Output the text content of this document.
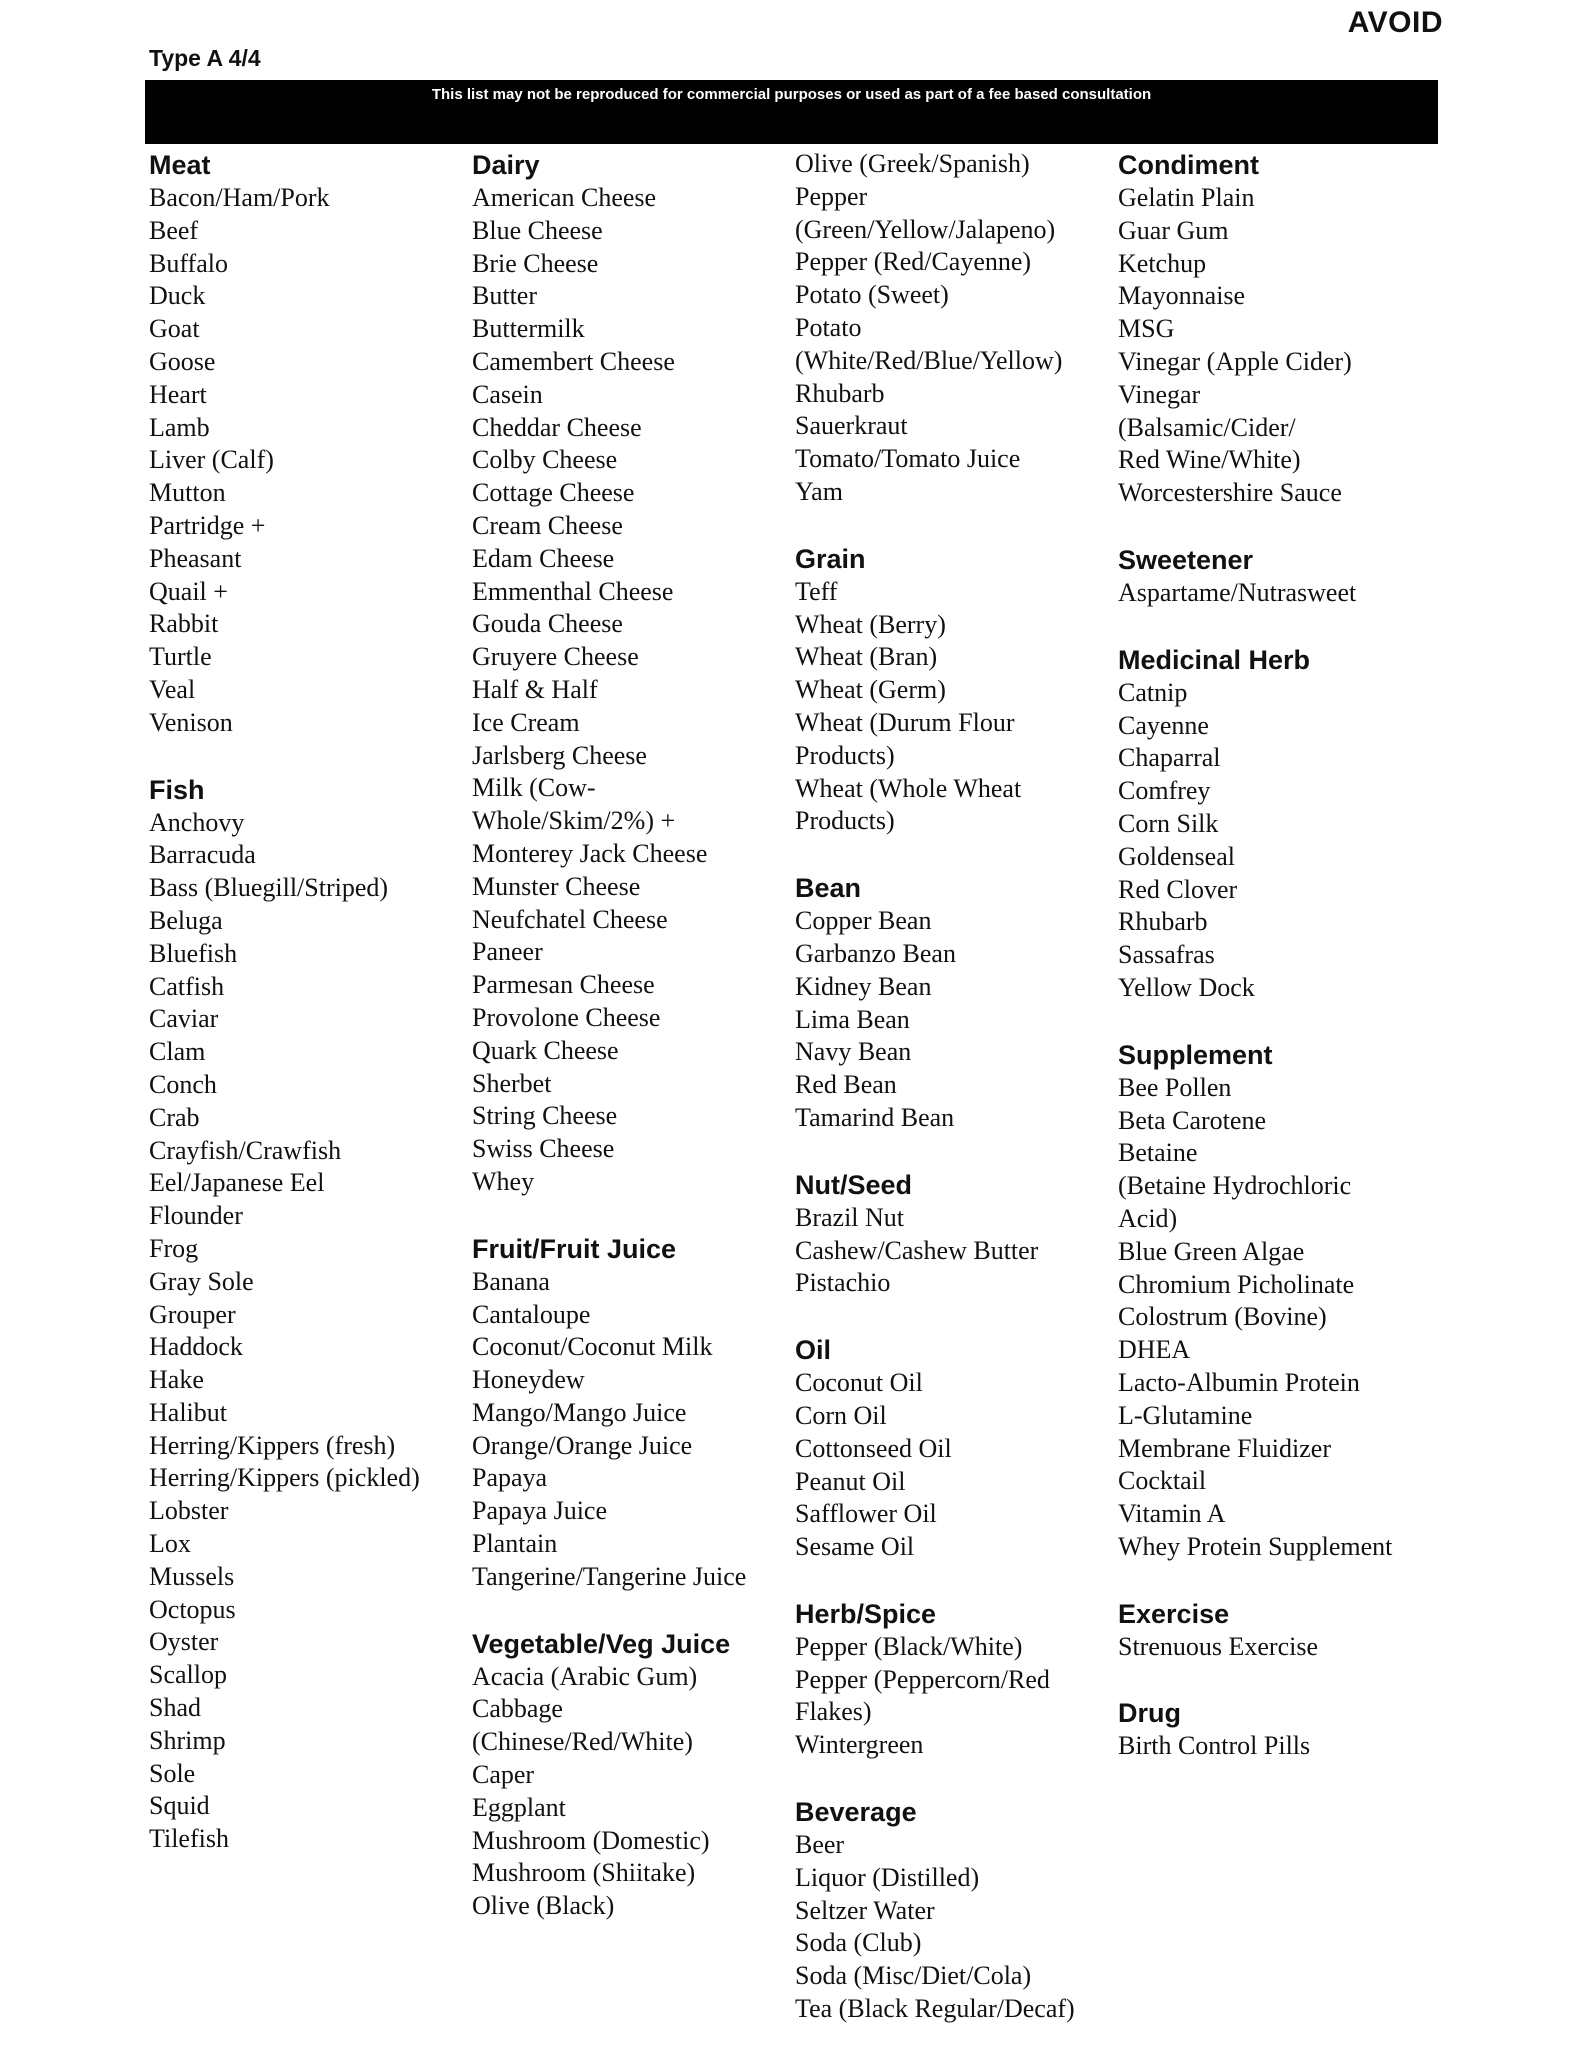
AVOID
Type A 4/4
This list may not be reproduced for commercial purposes or used as part of a fee based consultation
Meat
Bacon/Ham/Pork
Beef
Buffalo
Duck
Goat
Goose
Heart
Lamb
Liver (Calf)
Mutton
Partridge +
Pheasant
Quail +
Rabbit
Turtle
Veal
Venison
Fish
Anchovy
Barracuda
Bass (Bluegill/Striped)
Beluga
Bluefish
Catfish
Caviar
Clam
Conch
Crab
Crayfish/Crawfish
Eel/Japanese Eel
Flounder
Frog
Gray Sole
Grouper
Haddock
Hake
Halibut
Herring/Kippers (fresh)
Herring/Kippers (pickled)
Lobster
Lox
Mussels
Octopus
Oyster
Scallop
Shad
Shrimp
Sole
Squid
Tilefish
Dairy
American Cheese
Blue Cheese
Brie Cheese
Butter
Buttermilk
Camembert Cheese
Casein
Cheddar Cheese
Colby Cheese
Cottage Cheese
Cream Cheese
Edam Cheese
Emmenthal Cheese
Gouda Cheese
Gruyere Cheese
Half & Half
Ice Cream
Jarlsberg Cheese
Milk (Cow-
Whole/Skim/2%) +
Monterey Jack Cheese
Munster Cheese
Neufchatel Cheese
Paneer
Parmesan Cheese
Provolone Cheese
Quark Cheese
Sherbet
String Cheese
Swiss Cheese
Whey
Fruit/Fruit Juice
Banana
Cantaloupe
Coconut/Coconut Milk
Honeydew
Mango/Mango Juice
Orange/Orange Juice
Papaya
Papaya Juice
Plantain
Tangerine/Tangerine Juice
Vegetable/Veg Juice
Acacia (Arabic Gum)
Cabbage
(Chinese/Red/White)
Caper
Eggplant
Mushroom (Domestic)
Mushroom (Shiitake)
Olive (Black)
Olive (Greek/Spanish)
Pepper
(Green/Yellow/Jalapeno)
Pepper (Red/Cayenne)
Potato (Sweet)
Potato
(White/Red/Blue/Yellow)
Rhubarb
Sauerkraut
Tomato/Tomato Juice
Yam
Grain
Teff
Wheat (Berry)
Wheat (Bran)
Wheat (Germ)
Wheat (Durum Flour
Products)
Wheat (Whole Wheat
Products)
Bean
Copper Bean
Garbanzo Bean
Kidney Bean
Lima Bean
Navy Bean
Red Bean
Tamarind Bean
Nut/Seed
Brazil Nut
Cashew/Cashew Butter
Pistachio
Oil
Coconut Oil
Corn Oil
Cottonseed Oil
Peanut Oil
Safflower Oil
Sesame Oil
Herb/Spice
Pepper (Black/White)
Pepper (Peppercorn/Red
Flakes)
Wintergreen
Beverage
Beer
Liquor (Distilled)
Seltzer Water
Soda (Club)
Soda (Misc/Diet/Cola)
Tea (Black Regular/Decaf)
Condiment
Gelatin Plain
Guar Gum
Ketchup
Mayonnaise
MSG
Vinegar (Apple Cider)
Vinegar
(Balsamic/Cider/
Red Wine/White)
Worcestershire Sauce
Sweetener
Aspartame/Nutrasweet
Medicinal Herb
Catnip
Cayenne
Chaparral
Comfrey
Corn Silk
Goldenseal
Red Clover
Rhubarb
Sassafras
Yellow Dock
Supplement
Bee Pollen
Beta Carotene
Betaine
(Betaine Hydrochloric
Acid)
Blue Green Algae
Chromium Picholinate
Colostrum (Bovine)
DHEA
Lacto-Albumin Protein
L-Glutamine
Membrane Fluidizer
Cocktail
Vitamin A
Whey Protein Supplement
Exercise
Strenuous Exercise
Drug
Birth Control Pills
